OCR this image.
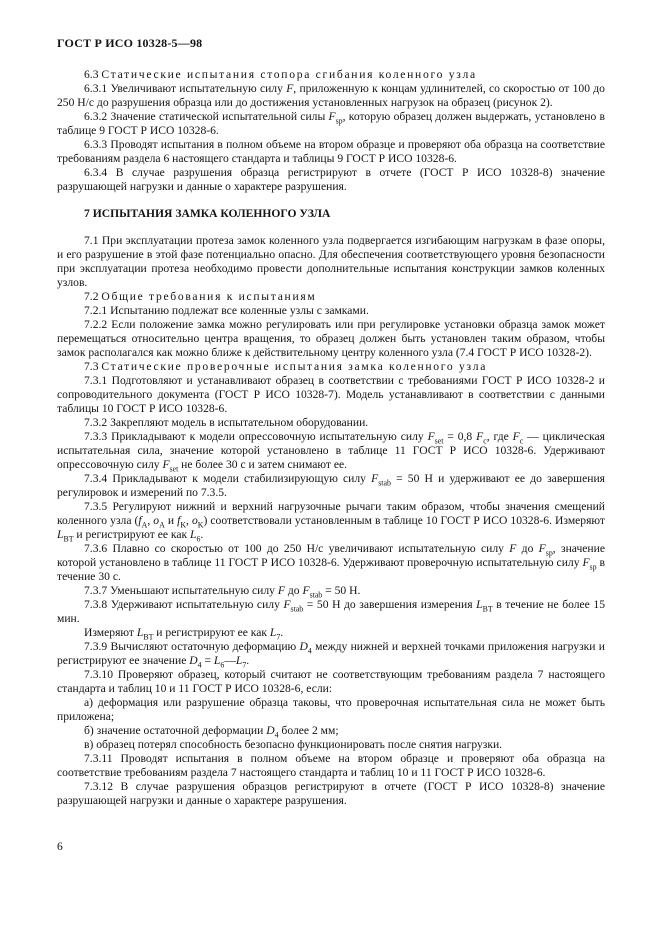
ГОСТ Р ИСО 10328-5—98

6.3 Статические испытания стопора сгибания коленного узла

6.3.1 Увеличивают испытательную силу F, приложенную к концам удлинителей, со скоростью от 100 до 250 Н/с до разрушения образца или до достижения установленных нагрузок на образец (рисунок 2).

6.3.2 Значение статической испытательной силы $F_{sp}$, которую образец должен выдержать, установлено в таблице 9 ГОСТ Р ИСО 10328-6.

6.3.3 Проводят испытания в полном объеме на втором образце и проверяют оба образца на соответствие требованиям раздела 6 настоящего стандарта и таблицы 9 ГОСТ Р ИСО 10328-6.

6.3.4 В случае разрушения образца регистрируют в отчете (ГОСТ Р ИСО 10328-8) значение разрушающей нагрузки и данные о характере разрушения.

7 ИСПЫТАНИЯ ЗАМКА КОЛЕННОГО УЗЛА

7.1 При эксплуатации протеза замок коленного узла подвергается изгибающим нагрузкам в фазе опоры, и его разрушение в этой фазе потенциально опасно. Для обеспечения соответствующего уровня безопасности при эксплуатации протеза необходимо провести дополнительные испытания конструкции замков коленных узлов.

7.2 Общие требования к испытаниям

7.2.1 Испытанию подлежат все коленные узлы с замками.

7.2.2 Если положение замка можно регулировать или при регулировке установки образца замок может перемещаться относительно центра вращения, то образец должен быть установлен таким образом, чтобы замок располагался как можно ближе к действительному центру коленного узла (7.4 ГОСТ Р ИСО 10328-2).

7.3 Статические проверочные испытания замка коленного узла

7.3.1 Подготовляют и устанавливают образец в соответствии с требованиями ГОСТ Р ИСО 10328-2 и сопроводительного документа (ГОСТ Р ИСО 10328-7). Модель устанавливают в соответствии с данными таблицы 10 ГОСТ Р ИСО 10328-6.

7.3.2 Закрепляют модель в испытательном оборудовании.

7.3.3 Прикладывают к модели опрессовочную испытательную силу $F_{set} = 0,8$ $F_c$, где $F_c$ — циклическая испытательная сила, значение которой установлено в таблице 11 ГОСТ Р ИСО 10328-6. Удерживают опрессовочную силу $F_{set}$ не более 30 с и затем снимают ее.

7.3.4 Прикладывают к модели стабилизирующую силу $F_{stab} = 50$ Н и удерживают ее до завершения регулировок и измерений по 7.3.5.

7.3.5 Регулируют нижний и верхний нагрузочные рычаги таким образом, чтобы значения смещений коленного узла ($f_A$, $o_A$ и $f_K$, $o_K$) соответствовали установленным в таблице 10 ГОСТ Р ИСО 10328-6. Измеряют $L_{BT}$ и регистрируют ее как $L_6$.

7.3.6 Плавно со скоростью от 100 до 250 Н/с увеличивают испытательную силу F до $F_{sp}$, значение которой установлено в таблице 11 ГОСТ Р ИСО 10328-6. Удерживают проверочную испытательную силу $F_{sp}$ в течение 30 с.

7.3.7 Уменьшают испытательную силу F до $F_{stab} = 50$ Н.

7.3.8 Удерживают испытательную силу $F_{stab} = 50$ Н до завершения измерения $L_{BT}$ в течение не более 15 мин.

Измеряют $L_{BT}$ и регистрируют ее как $L_7$.

7.3.9 Вычисляют остаточную деформацию $D_4$ между нижней и верхней точками приложения нагрузки и регистрируют ее значение $D_4$ = $L_6—L_7$.

7.3.10 Проверяют образец, который считают не соответствующим требованиям раздела 7 настоящего стандарта и таблиц 10 и 11 ГОСТ Р ИСО 10328-6, если:

а) деформация или разрушение образца таковы, что проверочная испытательная сила не может быть приложена;

б) значение остаточной деформации $D_4$ более 2 мм;

в) образец потерял способность безопасно функционировать после снятия нагрузки.

7.3.11 Проводят испытания в полном объеме на втором образце и проверяют оба образца на соответствие требованиям раздела 7 настоящего стандарта и таблиц 10 и 11 ГОСТ Р ИСО 10328-6.

7.3.12 В случае разрушения образцов регистрируют в отчете (ГОСТ Р ИСО 10328-8) значение разрушающей нагрузки и данные о характере разрушения.

6
